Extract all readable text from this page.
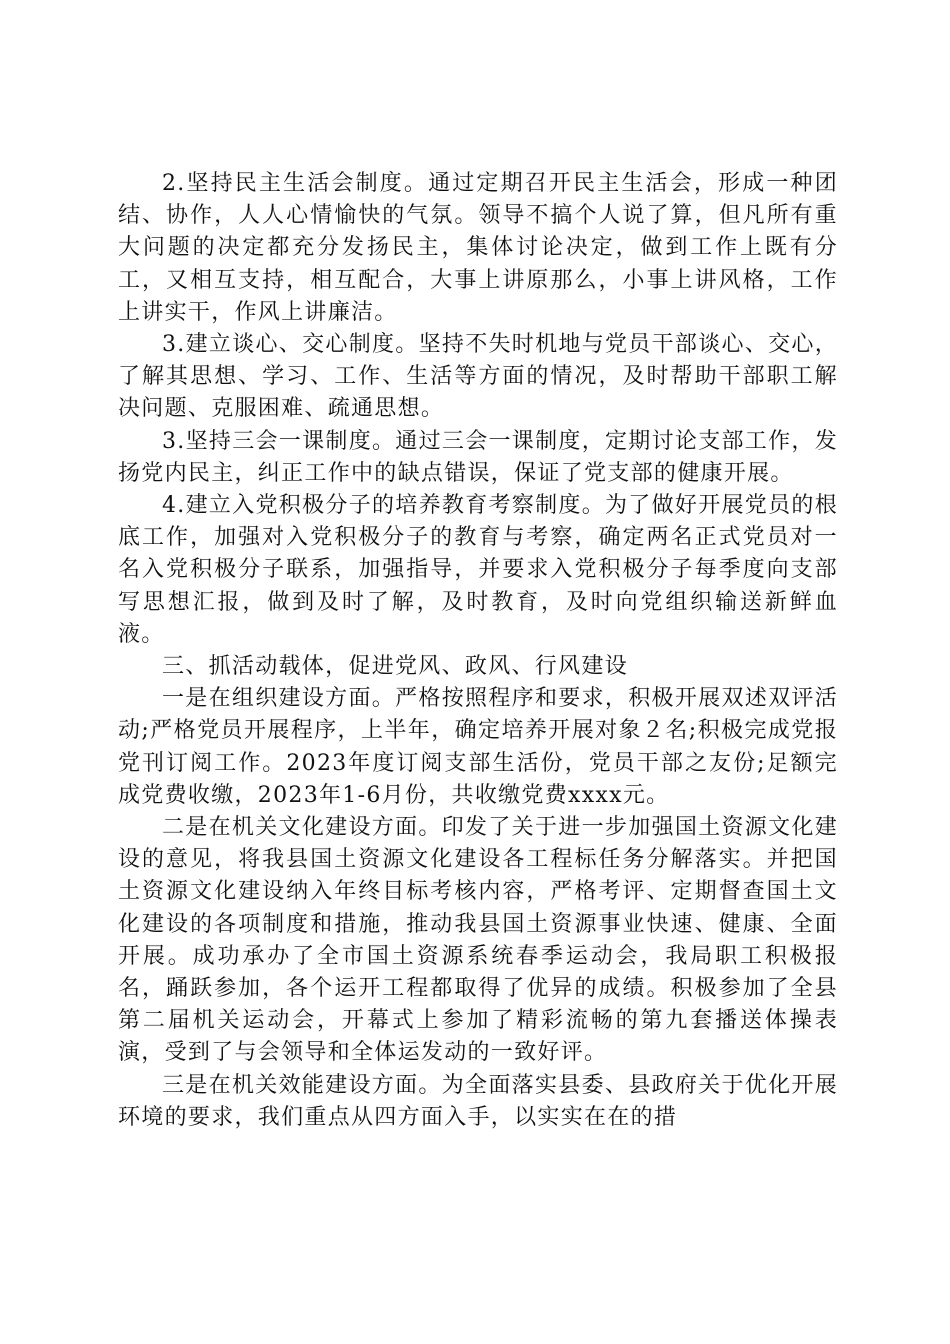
2.坚持民主生活会制度。通过定期召开民主生活会，形成一种团结、协作，人人心情愉快的气氛。领导不搞个人说了算，但凡所有重大问题的决定都充分发扬民主，集体讨论决定，做到工作上既有分工，又相互支持，相互配合，大事上讲原那么，小事上讲风格，工作上讲实干，作风上讲廉洁。

3.建立谈心、交心制度。坚持不失时机地与党员干部谈心、交心，了解其思想、学习、工作、生活等方面的情况，及时帮助干部职工解决问题、克服困难、疏通思想。

3.坚持三会一课制度。通过三会一课制度，定期讨论支部工作，发扬党内民主，纠正工作中的缺点错误，保证了党支部的健康开展。

4.建立入党积极分子的培养教育考察制度。为了做好开展党员的根底工作，加强对入党积极分子的教育与考察，确定两名正式党员对一名入党积极分子联系，加强指导，并要求入党积极分子每季度向支部写思想汇报，做到及时了解，及时教育，及时向党组织输送新鲜血液。

三、抓活动载体，促进党风、政风、行风建设

一是在组织建设方面。严格按照程序和要求，积极开展双述双评活动;严格党员开展程序，上半年，确定培养开展对象２名;积极完成党报党刊订阅工作。2023年度订阅支部生活份，党员干部之友份;足额完成党费收缴，2023年1-6月份，共收缴党费xxxx元。

二是在机关文化建设方面。印发了关于进一步加强国土资源文化建设的意见，将我县国土资源文化建设各工程标任务分解落实。并把国土资源文化建设纳入年终目标考核内容，严格考评、定期督查国土文化建设的各项制度和措施，推动我县国土资源事业快速、健康、全面开展。成功承办了全市国土资源系统春季运动会，我局职工积极报名，踊跃参加，各个运开工程都取得了优异的成绩。积极参加了全县第二届机关运动会，开幕式上参加了精彩流畅的第九套播送体操表演，受到了与会领导和全体运发动的一致好评。

三是在机关效能建设方面。为全面落实县委、县政府关于优化开展环境的要求，我们重点从四方面入手，以实实在在的措
